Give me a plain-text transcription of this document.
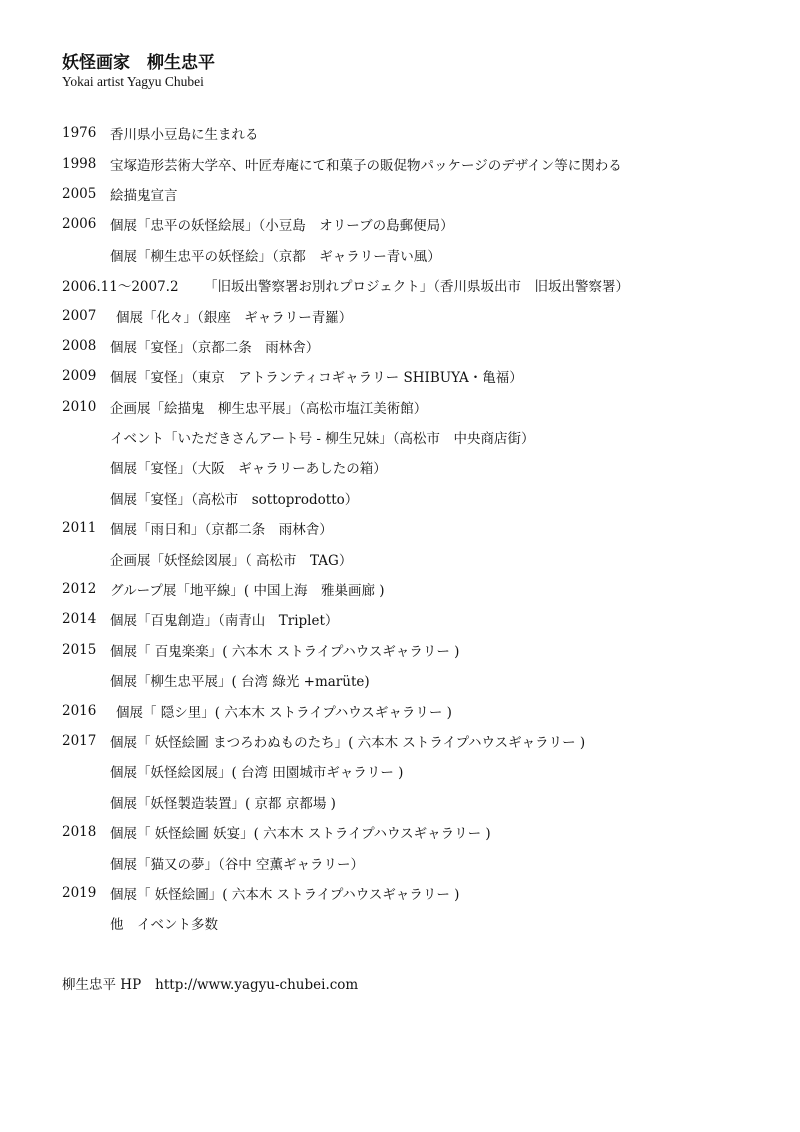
妖怪画家　柳生忠平
Yokai artist Yagyu Chubei
1976	香川県小豆島に生まれる
1998	宝塚造形芸術大学卒、叶匠寿庵にて和菓子の販促物パッケージのデザイン等に関わる
2005	絵描鬼宣言
2006	個展「忠平の妖怪絵展」（小豆島　オリーブの島郵便局）
個展「柳生忠平の妖怪絵」（京都　ギャラリー青い風）
2006.11～2007.2	「旧坂出警察署お別れプロジェクト」（香川県坂出市　旧坂出警察署）
2007	個展「化々」（銀座　ギャラリー青羅）
2008	個展「宴怪」（京都二条　雨林舎）
2009	個展「宴怪」（東京　アトランティコギャラリー SHIBUYA・亀福）
2010	企画展「絵描鬼　柳生忠平展」（高松市塩江美術館）
イベント「いただきさんアート号 - 柳生兄妹」（高松市　中央商店街）
個展「宴怪」（大阪　ギャラリーあしたの箱）
個展「宴怪」（高松市　sottoprodotto）
2011	個展「雨日和」（京都二条　雨林舎）
企画展「妖怪絵図展」（ 高松市　TAG）
2012	グループ展「地平線」( 中国上海　雅巣画廊 )
2014	個展「百鬼創造」（南青山　Triplet）
2015	個展「 百鬼楽楽」( 六本木 ストライプハウスギャラリー )
個展「柳生忠平展」( 台湾 綠光 +marüte)
2016	個展「 隠シ里」( 六本木 ストライプハウスギャラリー )
2017	個展「 妖怪絵圖 まつろわぬものたち」( 六本木 ストライプハウスギャラリー )
個展「妖怪絵図展」( 台湾 田園城市ギャラリー )
個展「妖怪製造装置」( 京都 京都場 )
2018	個展「 妖怪絵圖 妖宴」( 六本木 ストライプハウスギャラリー )
個展「猫又の夢」（谷中 空薫ギャラリー）
2019	個展「 妖怪絵圖」( 六本木 ストライプハウスギャラリー )
他　イベント多数
柳生忠平 HP http://www.yagyu-chubei.com
